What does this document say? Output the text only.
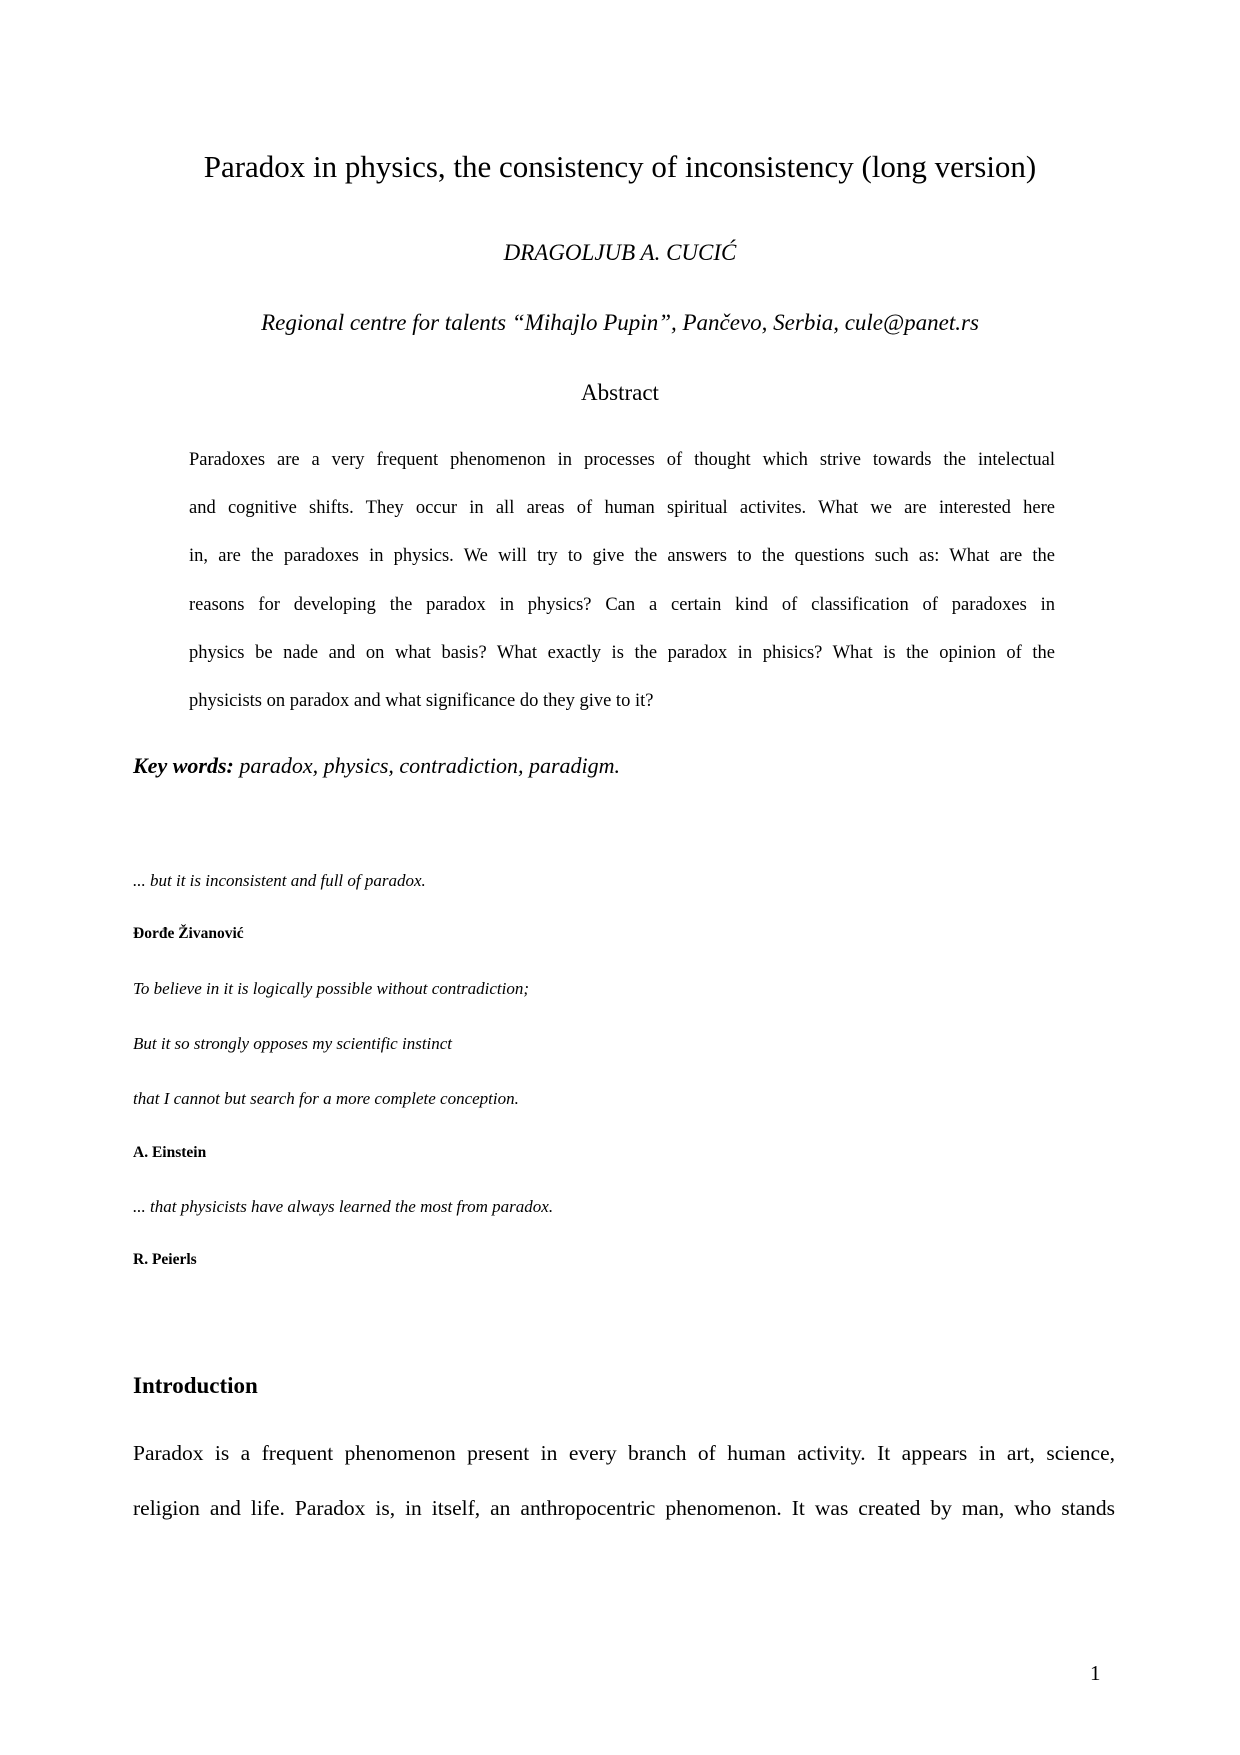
Paradox in physics, the consistency of inconsistency (long version)
DRAGOLJUB A. CUCIĆ
Regional centre for talents “Mihajlo Pupin”, Pančevo, Serbia, cule@panet.rs
Abstract
Paradoxes are a very frequent phenomenon in processes of thought which strive towards the intelectual
and cognitive shifts. They occur in all areas of human spiritual activites. What we are interested here
in, are the paradoxes in physics. We will try to give the answers to the questions such as: What are the
reasons for developing the paradox in physics? Can a certain kind of classification of paradoxes in
physics be nade and on what basis? What exactly is the paradox in phisics? What is the opinion of the
physicists on paradox and what significance do they give to it?
Key words: paradox, physics, contradiction, paradigm.
... but it is inconsistent and full of paradox.
Đorđe Živanović
To believe in it is logically possible without contradiction;
But it so strongly opposes my scientific instinct
that I cannot but search for a more complete conception.
A. Einstein
... that physicists have always learned the most from paradox.
R. Peierls
Introduction
Paradox is a frequent phenomenon present in every branch of human activity. It appears in art, science,
religion and life. Paradox is, in itself, an anthropocentric phenomenon. It was created by man, who stands
1
